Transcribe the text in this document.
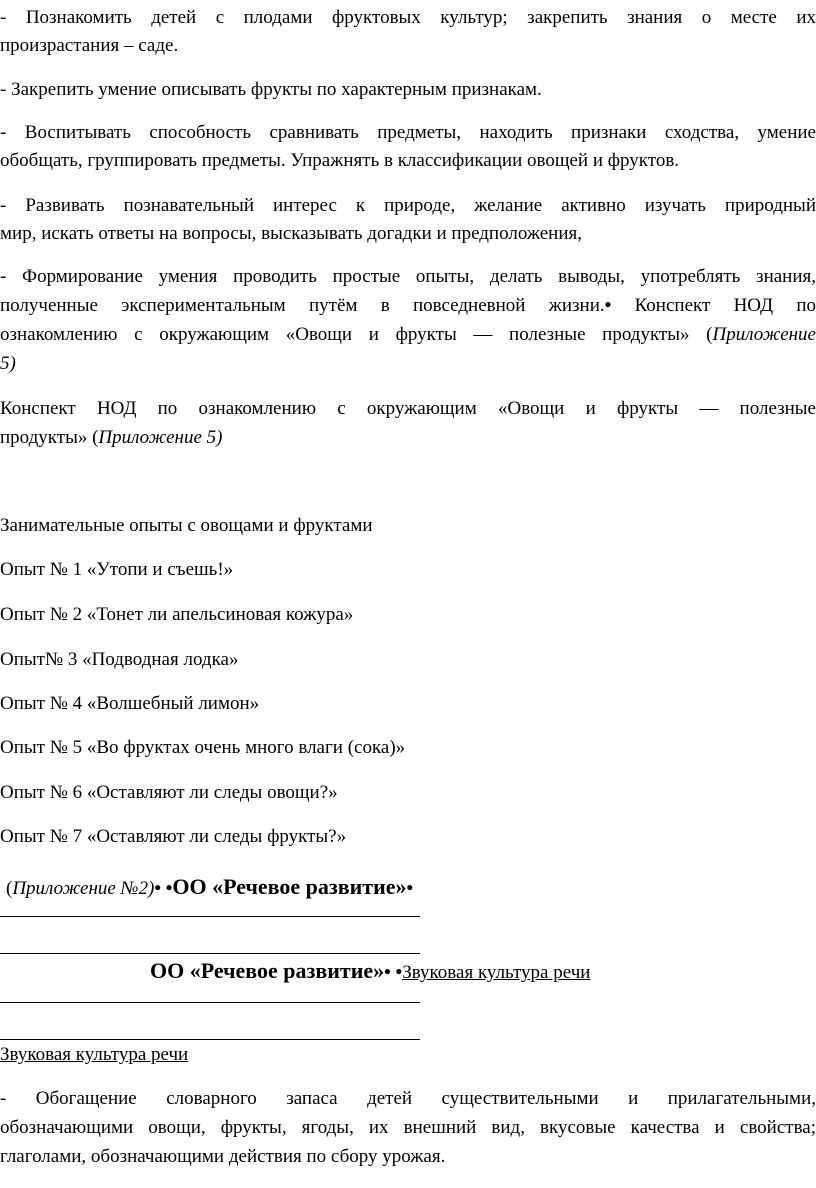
- Познакомить детей с плодами фруктовых культур; закрепить знания о месте их
произрастания – саде.
- Закрепить умение описывать фрукты по характерным признакам.
- Воспитывать способность сравнивать предметы, находить признаки сходства, умение
обобщать, группировать предметы. Упражнять в классификации овощей и фруктов.
- Развивать познавательный интерес к природе, желание активно изучать природный
мир, искать ответы на вопросы, высказывать догадки и предположения,
- Формирование умения проводить простые опыты, делать выводы, употреблять знания,
полученные экспериментальным путём в повседневной жизни.• Конспект НОД по
ознакомлению с окружающим «Овощи и фрукты — полезные продукты» (Приложение
5)
Конспект НОД по ознакомлению с окружающим «Овощи и фрукты — полезные
продукты» (Приложение 5)
Занимательные опыты с овощами и фруктами
Опыт № 1 «Утопи и съешь!»
Опыт № 2 «Тонет ли апельсиновая кожура»
Опыт№ 3 «Подводная лодка»
Опыт № 4 «Волшебный лимон»
Опыт № 5 «Во фруктах очень много влаги (сока)»
Опыт № 6 «Оставляют ли следы овощи?»
Опыт № 7 «Оставляют ли следы фрукты?»
(Приложение №2)• •ОО «Речевое развитие»•
ОО «Речевое развитие»• •Звуковая культура речи
Звуковая культура речи
- Обогащение словарного запаса детей существительными и прилагательными,
обозначающими овощи, фрукты, ягоды, их внешний вид, вкусовые качества и свойства;
глаголами, обозначающими действия по сбору урожая.
